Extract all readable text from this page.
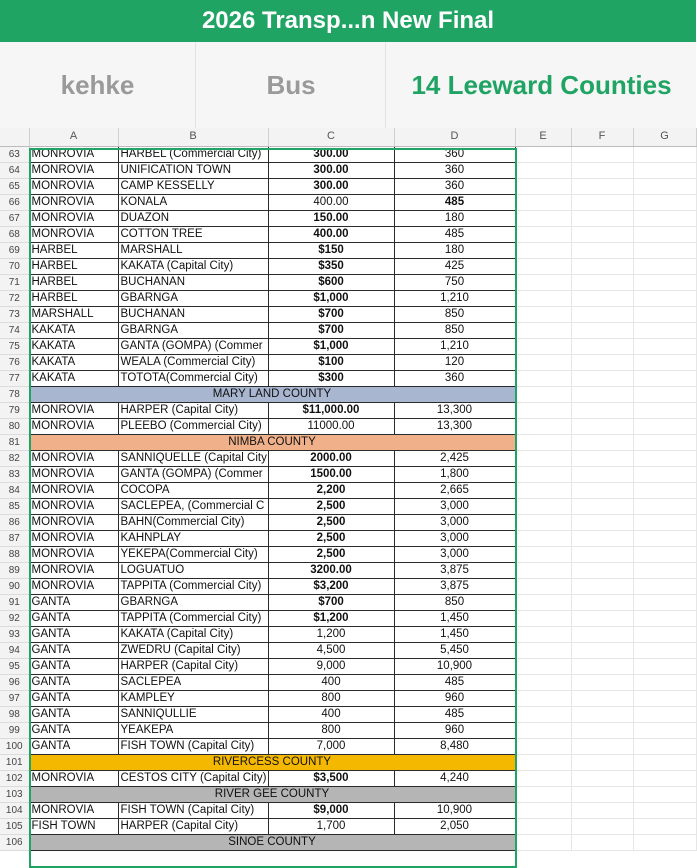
2026 Transp...n New Final
kehke	Bus	14 Leeward Counties
	A	B	C	D	E	F	G
63	MONROVIA	HARBEL (Commercial City)	300.00	360			
64	MONROVIA	UNIFICATION TOWN	300.00	360			
65	MONROVIA	CAMP KESSELLY	300.00	360			
66	MONROVIA	KONALA	400.00	485			
67	MONROVIA	DUAZON	150.00	180			
68	MONROVIA	COTTON TREE	400.00	485			
69	HARBEL	MARSHALL	$150	180			
70	HARBEL	KAKATA (Capital City)	$350	425			
71	HARBEL	BUCHANAN	$600	750			
72	HARBEL	GBARNGA	$1,000	1,210			
73	MARSHALL	BUCHANAN	$700	850			
74	KAKATA	GBARNGA	$700	850			
75	KAKATA	GANTA (GOMPA) (Commer	$1,000	1,210			
76	KAKATA	WEALA (Commercial City)	$100	120			
77	KAKATA	TOTOTA(Commercial City)	$300	360			
78	MARY LAND COUNTY						
79	MONROVIA	HARPER (Capital City)	$11,000.00	13,300			
80	MONROVIA	PLEEBO (Commercial City)	11000.00	13,300			
81	NIMBA COUNTY						
82	MONROVIA	SANNIQUELLE (Capital City	2000.00	2,425			
83	MONROVIA	GANTA (GOMPA) (Commer	1500.00	1,800			
84	MONROVIA	COCOPA	2,200	2,665			
85	MONROVIA	SACLEPEA, (Commercial C	2,500	3,000			
86	MONROVIA	BAHN(Commercial City)	2,500	3,000			
87	MONROVIA	KAHNPLAY	2,500	3,000			
88	MONROVIA	YEKEPA(Commercial City)	2,500	3,000			
89	MONROVIA	LOGUATUO	3200.00	3,875			
90	MONROVIA	TAPPITA (Commercial City)	$3,200	3,875			
91	GANTA	GBARNGA	$700	850			
92	GANTA	TAPPITA (Commercial City)	$1,200	1,450			
93	GANTA	KAKATA (Capital City)	1,200	1,450			
94	GANTA	ZWEDRU (Capital City)	4,500	5,450			
95	GANTA	HARPER (Capital City)	9,000	10,900			
96	GANTA	SACLEPEA	400	485			
97	GANTA	KAMPLEY	800	960			
98	GANTA	SANNIQULLIE	400	485			
99	GANTA	YEAKEPA	800	960			
100	GANTA	FISH TOWN (Capital City)	7,000	8,480			
101	RIVERCESS COUNTY						
102	MONROVIA	CESTOS CITY (Capital City)	$3,500	4,240			
103	RIVER GEE COUNTY						
104	MONROVIA	FISH TOWN (Capital City)	$9,000	10,900			
105	FISH TOWN	HARPER (Capital City)	1,700	2,050			
106	SINOE COUNTY						
